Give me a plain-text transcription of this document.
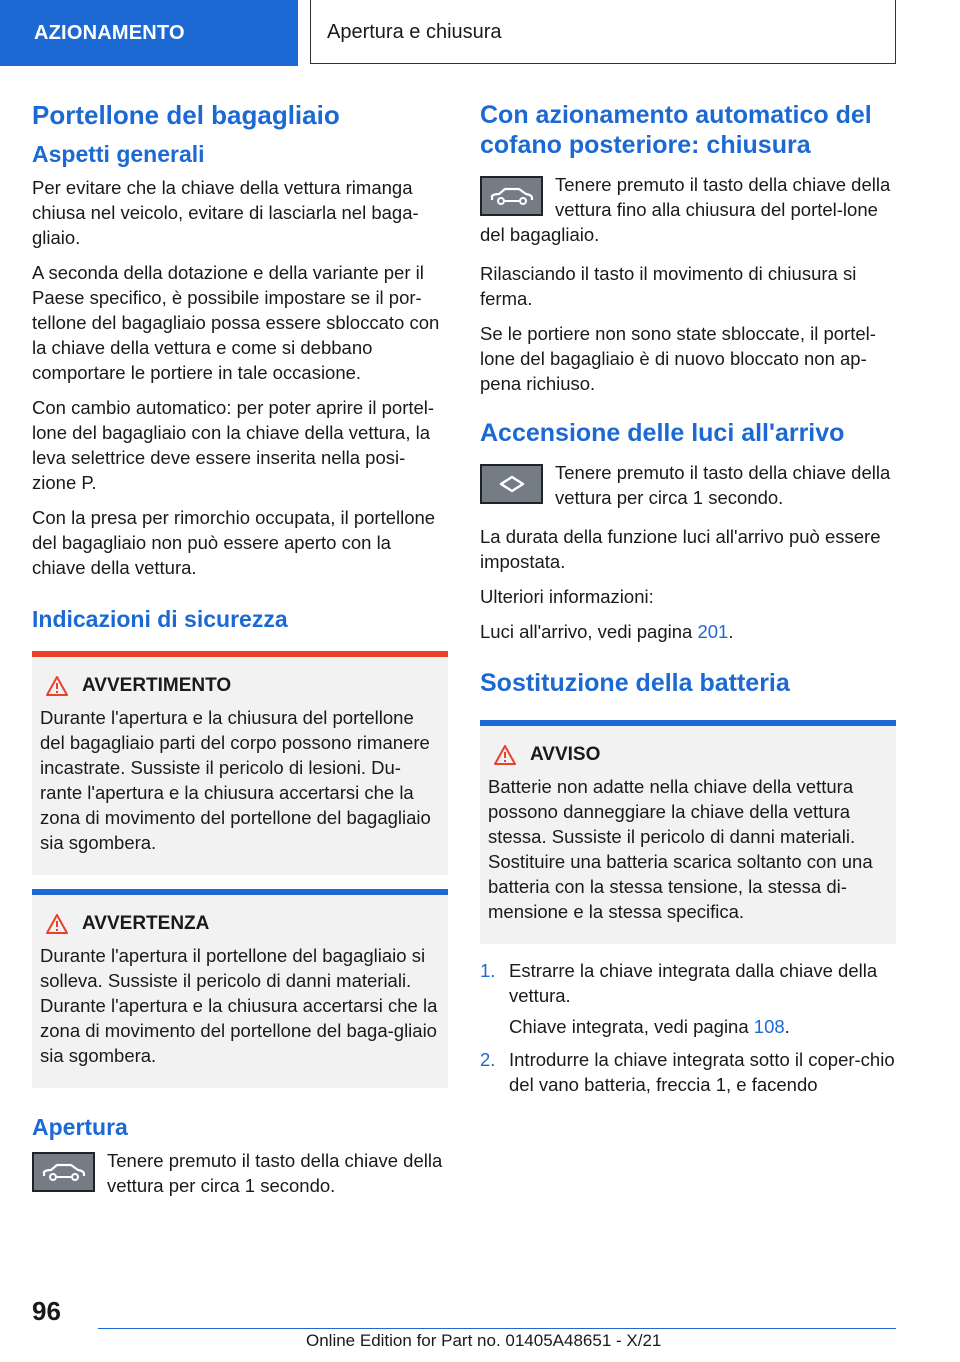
AZIONAMENTO	Apertura e chiusura
Portellone del bagagliaio
Aspetti generali

Per evitare che la chiave della vettura rimanga chiusa nel veicolo, evitare di lasciarla nel baga-gliaio.

A seconda della dotazione e della variante per il Paese specifico, è possibile impostare se il por-tellone del bagagliaio possa essere sbloccato con la chiave della vettura e come si debbano comportare le portiere in tale occasione.

Con cambio automatico: per poter aprire il portel-lone del bagagliaio con la chiave della vettura, la leva selettrice deve essere inserita nella posi-zione P.

Con la presa per rimorchio occupata, il portellone del bagagliaio non può essere aperto con la chiave della vettura.

Indicazioni di sicurezza
AVVERTIMENTO

Durante l'apertura e la chiusura del portellone del bagagliaio parti del corpo possono rimanere incastrate. Sussiste il pericolo di lesioni. Du-rante l'apertura e la chiusura accertarsi che la zona di movimento del portellone del bagagliaio sia sgombera.

AVVERTENZA

Durante l'apertura il portellone del bagagliaio si solleva. Sussiste il pericolo di danni materiali. Durante l'apertura e la chiusura accertarsi che la zona di movimento del portellone del baga-gliaio sia sgombera.

Apertura

Tenere premuto il tasto della chiave della vettura per circa 1 secondo.

Con azionamento automatico del cofano posteriore: chiusura

Tenere premuto il tasto della chiave della vettura fino alla chiusura del portel-lone del bagagliaio.

Rilasciando il tasto il movimento di chiusura si ferma.

Se le portiere non sono state sbloccate, il portel-lone del bagagliaio è di nuovo bloccato non ap-pena richiuso.

Accensione delle luci all'arrivo

Tenere premuto il tasto della chiave della vettura per circa 1 secondo.

La durata della funzione luci all'arrivo può essere impostata.

Ulteriori informazioni:

Luci all'arrivo, vedi pagina 201.

Sostituzione della batteria
AVVISO

Batterie non adatte nella chiave della vettura possono danneggiare la chiave della vettura stessa. Sussiste il pericolo di danni materiali. Sostituire una batteria scarica soltanto con una batteria con la stessa tensione, la stessa di-mensione e la stessa specifica.

1. Estrarre la chiave integrata dalla chiave della vettura.
Chiave integrata, vedi pagina 108.
2. Introdurre la chiave integrata sotto il coper-chio del vano batteria, freccia 1, e facendo
96
Online Edition for Part no. 01405A48651 - X/21
